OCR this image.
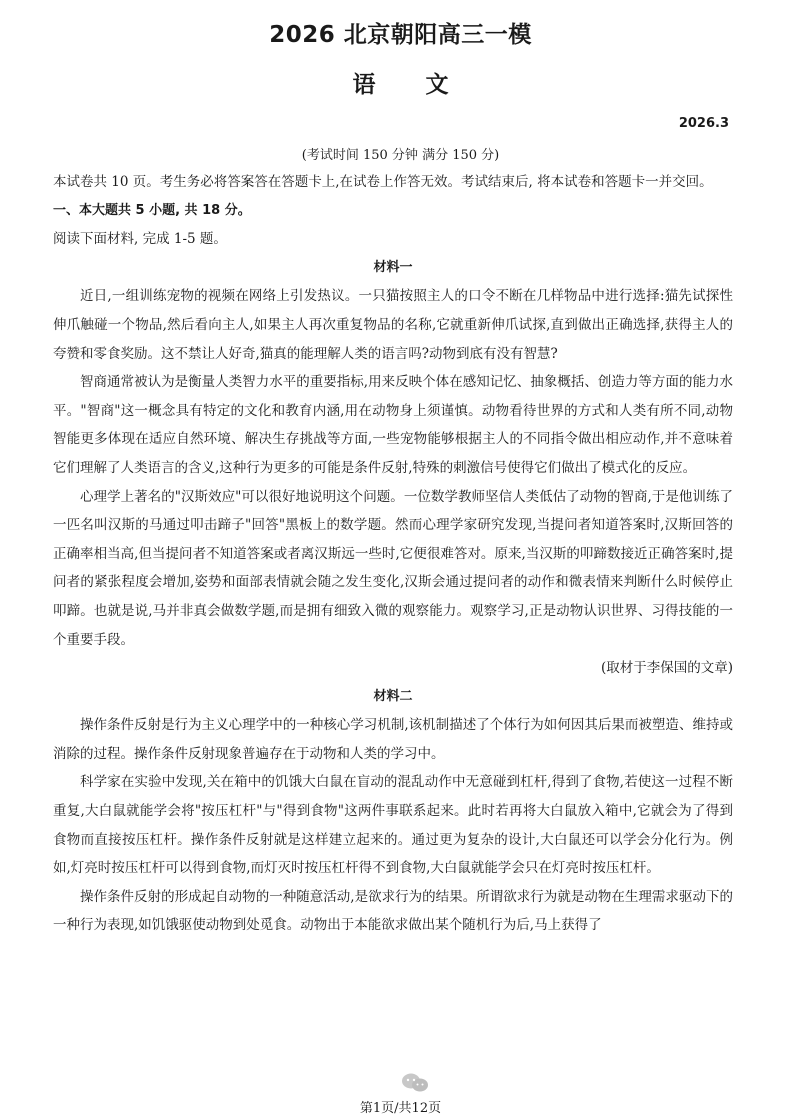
2026 北京朝阳高三一模
语文
2026.3
(考试时间 150 分钟 满分 150 分)

本试卷共 10 页。考生务必将答案答在答题卡上,在试卷上作答无效。考试结束后, 将本试卷和答题卡一并交回。

一、本大题共 5 小题, 共 18 分。

阅读下面材料, 完成 1-5 题。

材料一

近日,一组训练宠物的视频在网络上引发热议。一只猫按照主人的口令不断在几样物品中进行选择:猫先试探性伸爪触碰一个物品,然后看向主人,如果主人再次重复物品的名称,它就重新伸爪试探,直到做出正确选择,获得主人的夸赞和零食奖励。这不禁让人好奇,猫真的能理解人类的语言吗?动物到底有没有智慧?

智商通常被认为是衡量人类智力水平的重要指标,用来反映个体在感知记忆、抽象概括、创造力等方面的能力水平。"智商"这一概念具有特定的文化和教育内涵,用在动物身上须谨慎。动物看待世界的方式和人类有所不同,动物智能更多体现在适应自然环境、解决生存挑战等方面,一些宠物能够根据主人的不同指令做出相应动作,并不意味着它们理解了人类语言的含义,这种行为更多的可能是条件反射,特殊的刺激信号使得它们做出了模式化的反应。

心理学上著名的"汉斯效应"可以很好地说明这个问题。一位数学教师坚信人类低估了动物的智商,于是他训练了一匹名叫汉斯的马通过叩击蹄子"回答"黑板上的数学题。然而心理学家研究发现,当提问者知道答案时,汉斯回答的正确率相当高,但当提问者不知道答案或者离汉斯远一些时,它便很难答对。原来,当汉斯的叩蹄数接近正确答案时,提问者的紧张程度会增加,姿势和面部表情就会随之发生变化,汉斯会通过提问者的动作和微表情来判断什么时候停止叩蹄。也就是说,马并非真会做数学题,而是拥有细致入微的观察能力。观察学习,正是动物认识世界、习得技能的一个重要手段。

(取材于李保国的文章)

材料二

操作条件反射是行为主义心理学中的一种核心学习机制,该机制描述了个体行为如何因其后果而被塑造、维持或消除的过程。操作条件反射现象普遍存在于动物和人类的学习中。

科学家在实验中发现,关在箱中的饥饿大白鼠在盲动的混乱动作中无意碰到杠杆,得到了食物,若使这一过程不断重复,大白鼠就能学会将"按压杠杆"与"得到食物"这两件事联系起来。此时若再将大白鼠放入箱中,它就会为了得到食物而直接按压杠杆。操作条件反射就是这样建立起来的。通过更为复杂的设计,大白鼠还可以学会分化行为。例如,灯亮时按压杠杆可以得到食物,而灯灭时按压杠杆得不到食物,大白鼠就能学会只在灯亮时按压杠杆。

操作条件反射的形成起自动物的一种随意活动,是欲求行为的结果。所谓欲求行为就是动物在生理需求驱动下的一种行为表现,如饥饿驱使动物到处觅食。动物出于本能欲求做出某个随机行为后,马上获得了

第1页/共12页
